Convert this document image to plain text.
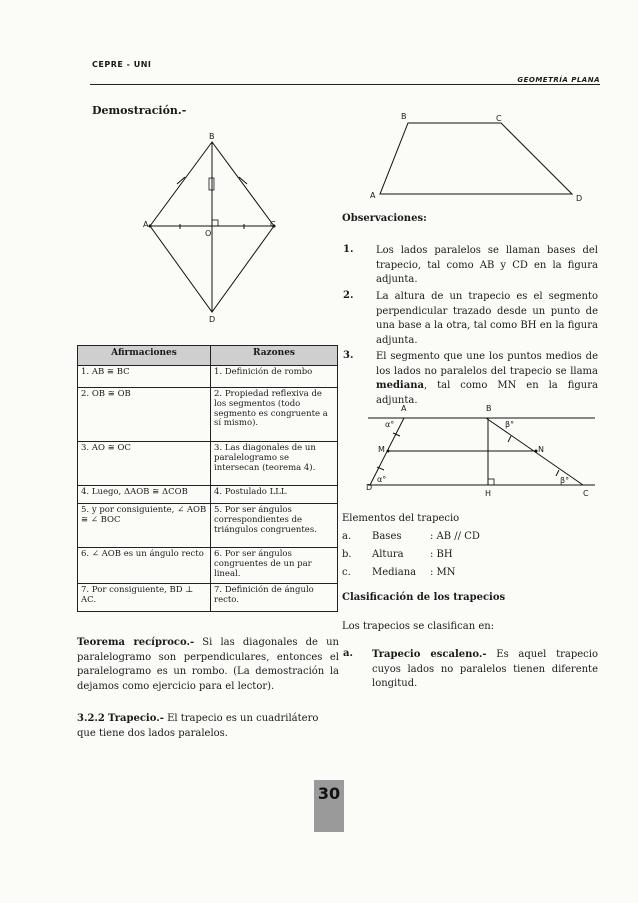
CEPRE - UNI
GEOMETRÍA PLANA
Demostración.-
B
A	C
O
D
Afirmaciones	Razones
1. AB ≅ BC	1. Definición de rombo
2. OB ≅ OB	2. Propiedad reflexiva de los segmentos (todo segmento es congruente a sí mismo).
3. AO ≅ OC	3. Las diagonales de un paralelogramo se intersecan (teorema 4).
4. Luego, ΔAOB ≅ ΔCOB	4. Postulado LLL
5. y por consiguiente, ∠ AOB ≅ ∠ BOC	5. Por ser ángulos correspondientes de triángulos congruentes.
6. ∠ AOB es un ángulo recto	6. Por ser ángulos congruentes de un par lineal.
7. Por consiguiente, BD ⊥ AC.	7. Definición de ángulo recto.
Teorema recíproco.- Si las diagonales de un paralelogramo son perpendiculares, entonces el paralelogramo es un rombo. (La demostración la dejamos como ejercicio para el lector).
3.2.2 Trapecio.- El trapecio es un cuadrilátero que tiene dos lados paralelos.
B	C
A	D
Observaciones:
1. Los lados paralelos se llaman bases del trapecio, tal como AB y CD en la figura adjunta.
2. La altura de un trapecio es el segmento perpendicular trazado desde un punto de una base a la otra, tal como BH en la figura adjunta.
3. El segmento que une los puntos medios de los lados no paralelos del trapecio se llama mediana, tal como MN en la figura adjunta.
A	B
D
C
H
M	N
α°
α°
β°
β°
Elementos del trapecio
a. Bases	: AB // CD
b. Altura	: BH
c. Mediana : MN
Clasificación de los trapecios
Los trapecios se clasifican en:
a. Trapecio escaleno.- Es aquel trapecio cuyos lados no paralelos tienen diferente longitud.
30
